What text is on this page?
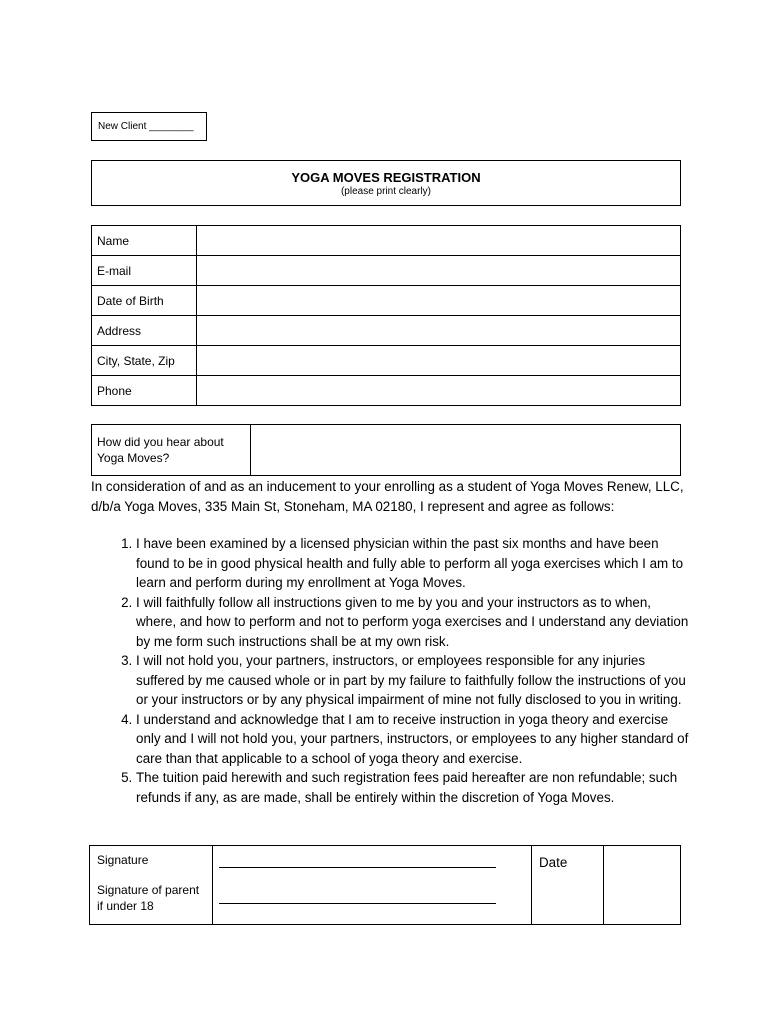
New Client ________
YOGA MOVES REGISTRATION
(please print clearly)
Name	
E-mail	
Date of Birth	
Address	
City, State, Zip	
Phone	
How did you hear about
Yoga Moves?

In consideration of and as an inducement to your enrolling as a student of Yoga Moves Renew, LLC, d/b/a Yoga Moves, 335 Main St, Stoneham, MA 02180, I represent and agree as follows:
1. I have been examined by a licensed physician within the past six months and have been found to be in good physical health and fully able to perform all yoga exercises which I am to learn and perform during my enrollment at Yoga Moves.
2. I will faithfully follow all instructions given to me by you and your instructors as to when, where, and how to perform and not to perform yoga exercises and I understand any deviation by me form such instructions shall be at my own risk.
3. I will not hold you, your partners, instructors, or employees responsible for any injuries suffered by me caused whole or in part by my failure to faithfully follow the instructions of you or your instructors or by any physical impairment of mine not fully disclosed to you in writing.
4. I understand and acknowledge that I am to receive instruction in yoga theory and exercise only and I will not hold you, your partners, instructors, or employees to any higher standard of care than that applicable to a school of yoga theory and exercise.
5. The tuition paid herewith and such registration fees paid hereafter are non refundable; such refunds if any, as are made, shall be entirely within the discretion of Yoga Moves.
Signature
Signature of parent
if under 18

Date
